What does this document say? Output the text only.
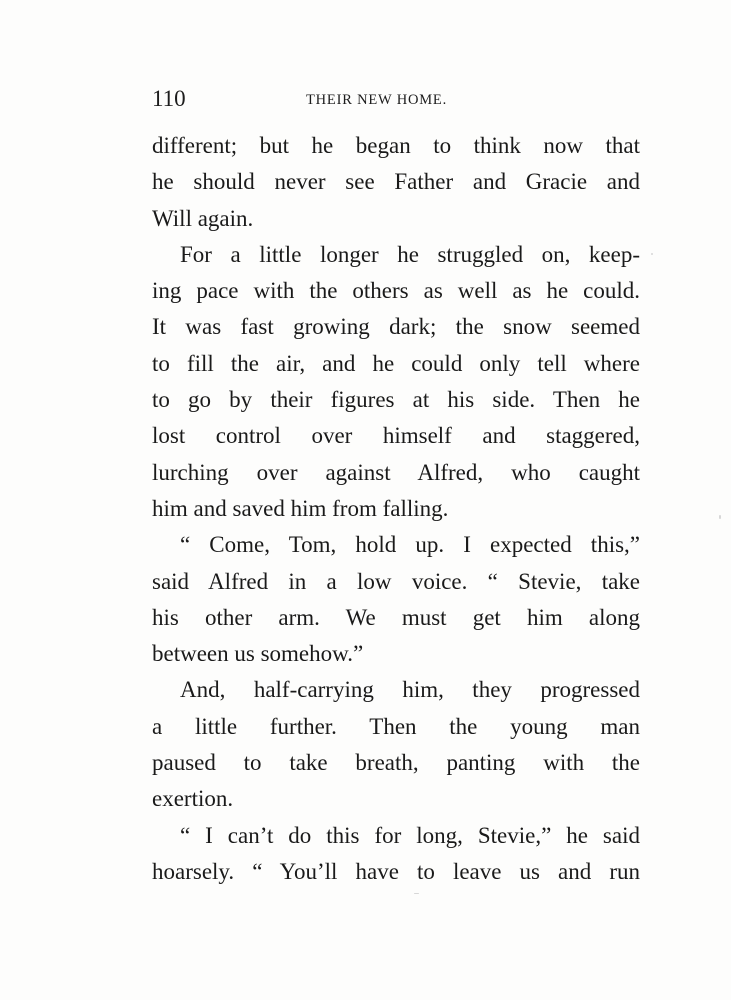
110	THEIR NEW HOME.
different; but he began to think now that
he should never see Father and Gracie and
Will again.
For a little longer he struggled on, keep-
ing pace with the others as well as he could.
It was fast growing dark; the snow seemed
to fill the air, and he could only tell where
to go by their figures at his side. Then he
lost control over himself and staggered,
lurching over against Alfred, who caught
him and saved him from falling.
“ Come, Tom, hold up. I expected this,”
said Alfred in a low voice. “ Stevie, take
his other arm. We must get him along
between us somehow.”
And, half-carrying him, they progressed
a little further. Then the young man
paused to take breath, panting with the
exertion.
“ I can’t do this for long, Stevie,” he said
hoarsely. “ You’ll have to leave us and run
